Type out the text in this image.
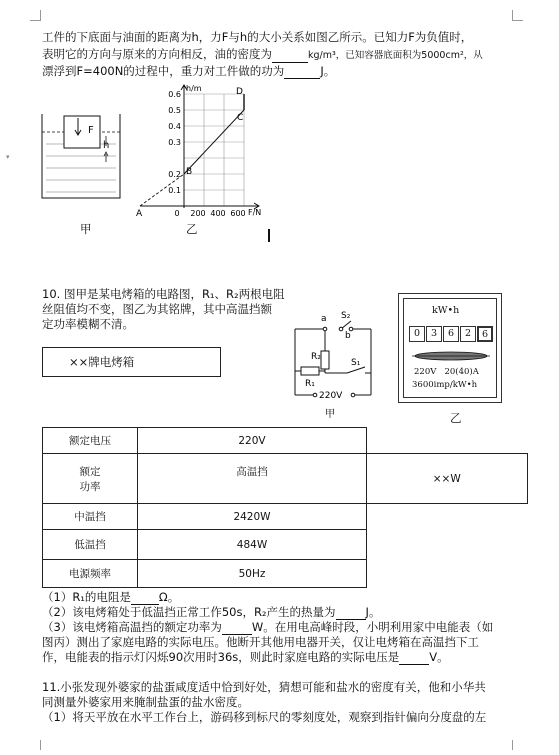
▾
工件的下底面与油面的距离为h，力F与h的大小关系如图乙所示。已知力F为负值时，
表明它的方向与原来的方向相反，油的密度为	kg/m³，已知容器底面积为5000cm²，从
漂浮到F=400N的过程中，重力对工件做的功为	J。
F
h
甲
h/m
F/N
0.6
0.5
0.4
0.3
0.2
0.1
0 200 400 600
A
B
C
D
乙
10. 图甲是某电烤箱的电路图，R₁、R₂两根电阻
丝阻值均不变，图乙为其铭牌，其中高温挡额
定功率模糊不清。
××牌电烤箱
a S₂
b
R₂
S₁
R₁
220V
甲
kW•h
0	3	6	2	6
220V   20(40)A
3600imp/kW•h
乙
额定电压	220V	

额定
功率	高温挡	××W
中温挡	2420W	
低温挡	484W	
电源频率	50Hz	
（1）R₁的电阻是 Ω。
（2）该电烤箱处于低温挡正常工作50s，R₂产生的热量为	J。
（3）该电烤箱高温挡的额定功率为	W。在用电高峰时段，小明利用家中电能表（如
图丙）测出了家庭电路的实际电压。他断开其他用电器开关，仅让电烤箱在高温挡下工
作，电能表的指示灯闪烁90次用时36s，则此时家庭电路的实际电压是	V。
11.小张发现外婆家的盐蛋咸度适中恰到好处，猜想可能和盐水的密度有关，他和小华共
同测量外婆家用来腌制盐蛋的盐水密度。
（1）将天平放在水平工作台上，游码移到标尺的零刻度处，观察到指针偏向分度盘的左
